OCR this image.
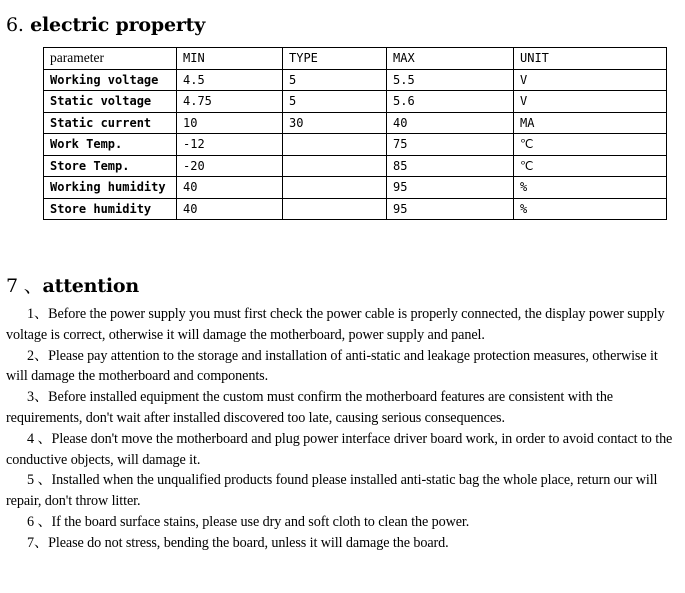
6. electric property
parameter	MIN	TYPE	MAX	UNIT
Working voltage	4.5	5	5.5	V
Static voltage	4.75	5	5.6	V
Static current	10	30	40	MA
Work Temp.	-12		75	℃
Store Temp.	-20		85	℃
Working humidity	40		95	%
Store humidity	40		95	%
7 、attention

1、Before the power supply you must first check the power cable is properly connected, the display power supply voltage is correct, otherwise it will damage the motherboard, power supply and panel.

2、Please pay attention to the storage and installation of anti-static and leakage protection measures, otherwise it will damage the motherboard and components.

3、Before installed equipment the custom must confirm the motherboard features are consistent with the requirements, don't wait after installed discovered too late, causing serious consequences.

4 、Please don't move the motherboard and plug power interface driver board work, in order to avoid contact to the conductive objects, will damage it.

5 、Installed when the unqualified products found please installed anti-static bag the whole place, return our will repair, don't throw litter.

6 、If the board surface stains, please use dry and soft cloth to clean the power.

7、Please do not stress, bending the board, unless it will damage the board.
